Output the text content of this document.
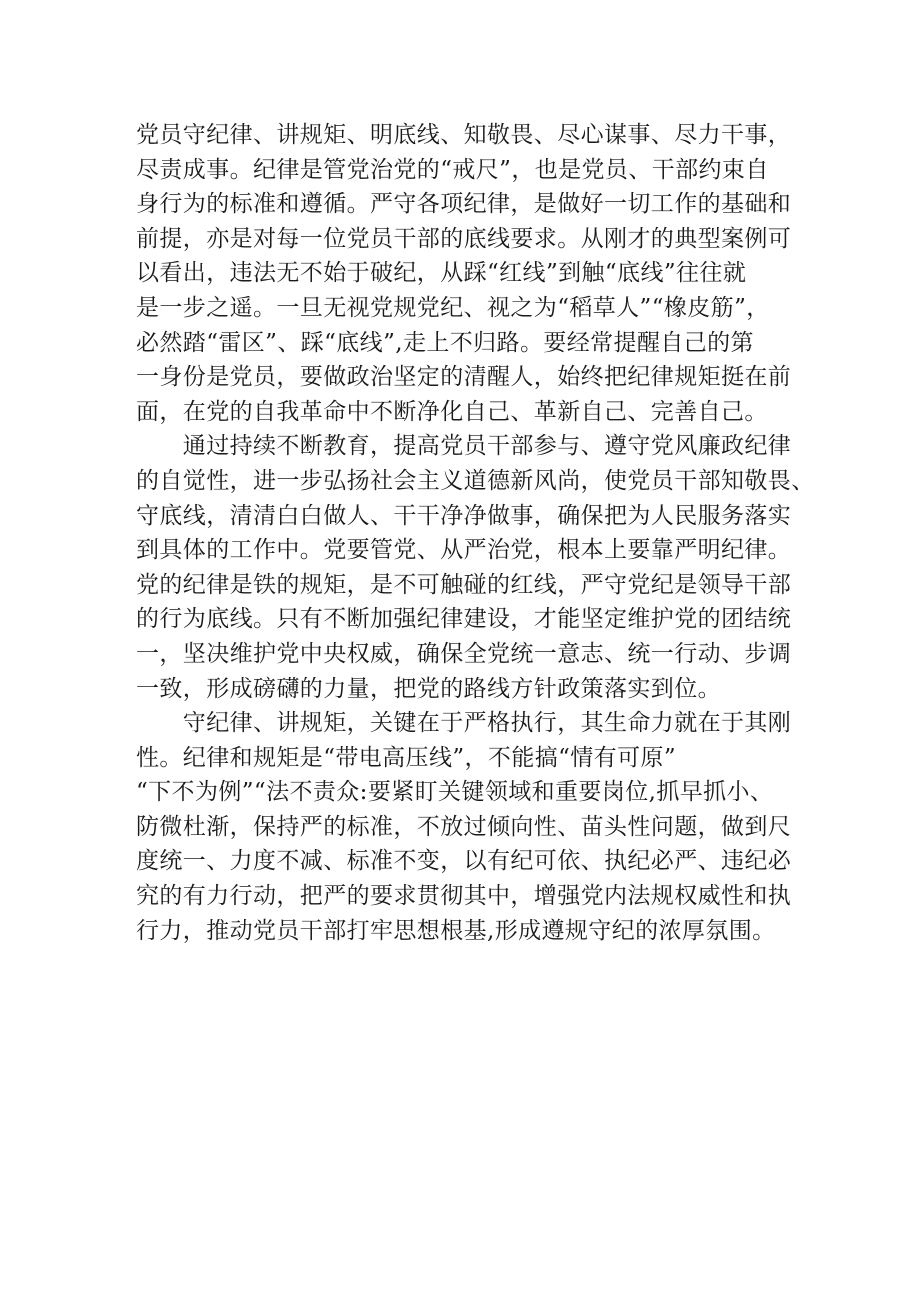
党员守纪律、讲规矩、明底线、知敬畏、尽心谋事、尽力干事，
尽责成事。纪律是管党治党的“戒尺”，也是党员、干部约束自
身行为的标准和遵循。严守各项纪律，是做好一切工作的基础和
前提，亦是对每一位党员干部的底线要求。从刚才的典型案例可
以看出，违法无不始于破纪，从踩“红线”到触“底线”往往就
是一步之遥。一旦无视党规党纪、视之为“稻草人”“橡皮筋”，
必然踏“雷区”、踩“底线”,走上不归路。要经常提醒自己的第
一身份是党员，要做政治坚定的清醒人，始终把纪律规矩挺在前
面，在党的自我革命中不断净化自己、革新自己、完善自己。
　　通过持续不断教育，提高党员干部参与、遵守党风廉政纪律
的自觉性，进一步弘扬社会主义道德新风尚，使党员干部知敬畏、
守底线，清清白白做人、干干净净做事，确保把为人民服务落实
到具体的工作中。党要管党、从严治党，根本上要靠严明纪律。
党的纪律是铁的规矩，是不可触碰的红线，严守党纪是领导干部
的行为底线。只有不断加强纪律建设，才能坚定维护党的团结统
一，坚决维护党中央权威，确保全党统一意志、统一行动、步调
一致，形成磅礴的力量，把党的路线方针政策落实到位。
　　守纪律、讲规矩，关键在于严格执行，其生命力就在于其刚
性。纪律和规矩是“带电高压线”，不能搞“情有可原”
“下不为例”“法不责众:要紧盯关键领域和重要岗位,抓早抓小、
防微杜渐，保持严的标准，不放过倾向性、苗头性问题，做到尺
度统一、力度不减、标准不变，以有纪可依、执纪必严、违纪必
究的有力行动，把严的要求贯彻其中，增强党内法规权威性和执
行力，推动党员干部打牢思想根基,形成遵规守纪的浓厚氛围。
